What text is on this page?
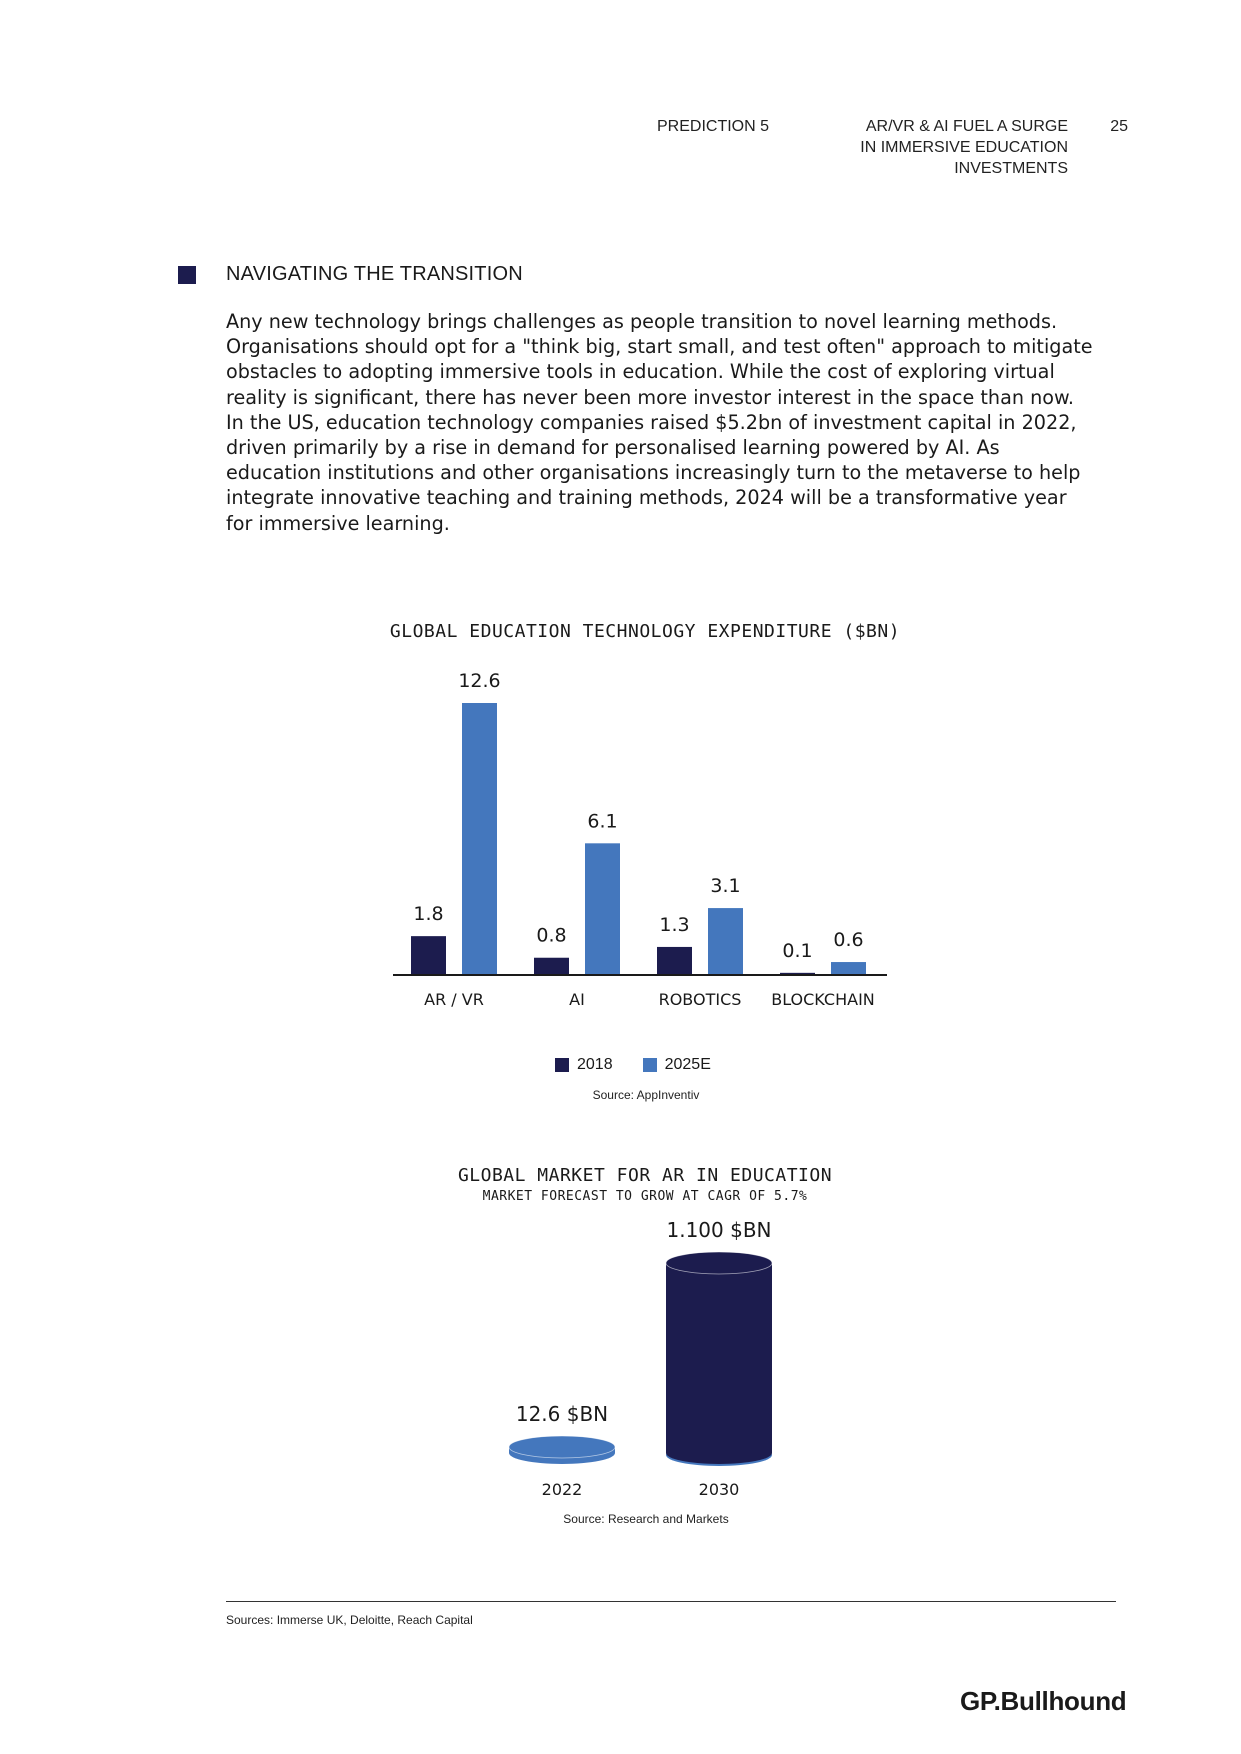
PREDICTION 5	AR/VR & AI FUEL A SURGE
IN IMMERSIVE EDUCATION
INVESTMENTS
25
NAVIGATING THE TRANSITION
Any new technology brings challenges as people transition to novel learning methods. Organisations should opt for a "think big, start small, and test often" approach to mitigate obstacles to adopting immersive tools in education. While the cost of exploring virtual reality is significant, there has never been more investor interest in the space than now. In the US, education technology companies raised $5.2bn of investment capital in 2022, driven primarily by a rise in demand for personalised learning powered by AI. As education institutions and other organisations increasingly turn to the metaverse to help integrate innovative teaching and training methods, 2024 will be a transformative year for immersive learning.
GLOBAL EDUCATION TECHNOLOGY EXPENDITURE ($BN)
1.8
12.6
AR / VR
0.8
6.1
AI
1.3
3.1
ROBOTICS
0.1 0.6
BLOCKCHAIN
2018	2025E
Source: AppInventiv
GLOBAL MARKET FOR AR IN EDUCATION
MARKET FORECAST TO GROW AT CAGR OF 5.7%
12.6 $BN
2022
1.100 $BN
2030
Source: Research and Markets
Sources: Immerse UK, Deloitte, Reach Capital
GP.Bullhound
